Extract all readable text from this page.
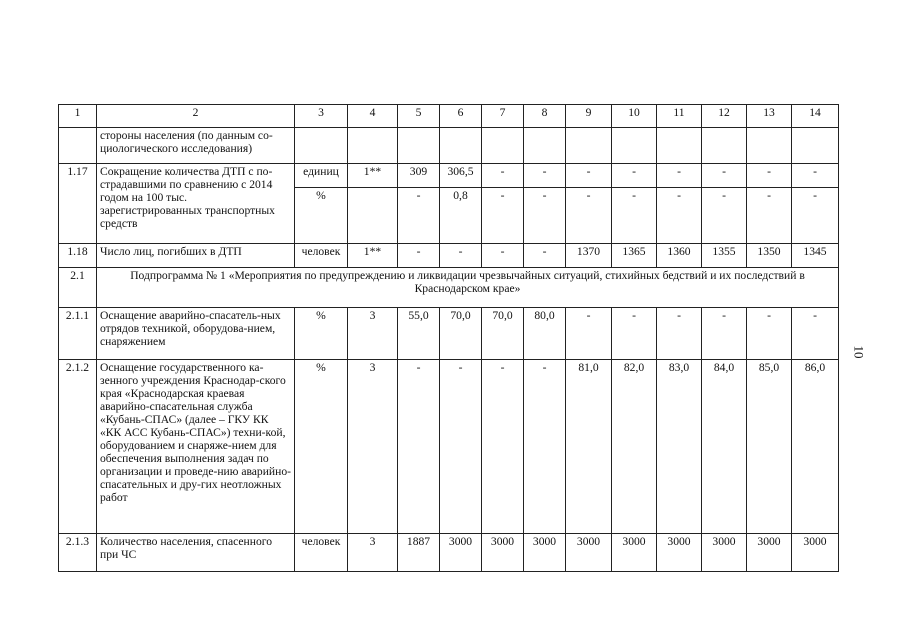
10
1	2	3	4	5	6	7	8	9	10	11	12	13	14
	стороны населения (по данным со-циологического исследования)												
1.17	Сокращение количества ДТП с по-страдавшими по сравнению с 2014 годом на 100 тыс. зарегистрированных транспортных средств	единиц	1**	309	306,5	-	-	-	-	-	-	-	-
		%		-	0,8	-	-	-	-	-	-	-	-
1.18	Число лиц, погибших в ДТП	человек	1**	-	-	-	-	1370	1365	1360	1355	1350	1345
2.1	Подпрограмма № 1 «Мероприятия по предупреждению и ликвидации чрезвычайных ситуаций, стихийных бедствий и их последствий в Краснодарском крае»												
2.1.1	Оснащение аварийно-спасатель-ных отрядов техникой, оборудова-нием, снаряжением	%	3	55,0	70,0	70,0	80,0	-	-	-	-	-	-
2.1.2	Оснащение государственного ка-зенного учреждения Краснодар-ского края «Краснодарская краевая аварийно-спасательная служба «Кубань-СПАС» (далее – ГКУ КК «КК АСС Кубань-СПАС») техни-кой, оборудованием и снаряже-нием для обеспечения выполнения задач по организации и проведе-нию аварийно-спасательных и дру-гих неотложных работ	%	3	-	-	-	-	81,0	82,0	83,0	84,0	85,0	86,0
2.1.3	Количество населения, спасенного при ЧС	человек	3	1887	3000	3000	3000	3000	3000	3000	3000	3000	3000
